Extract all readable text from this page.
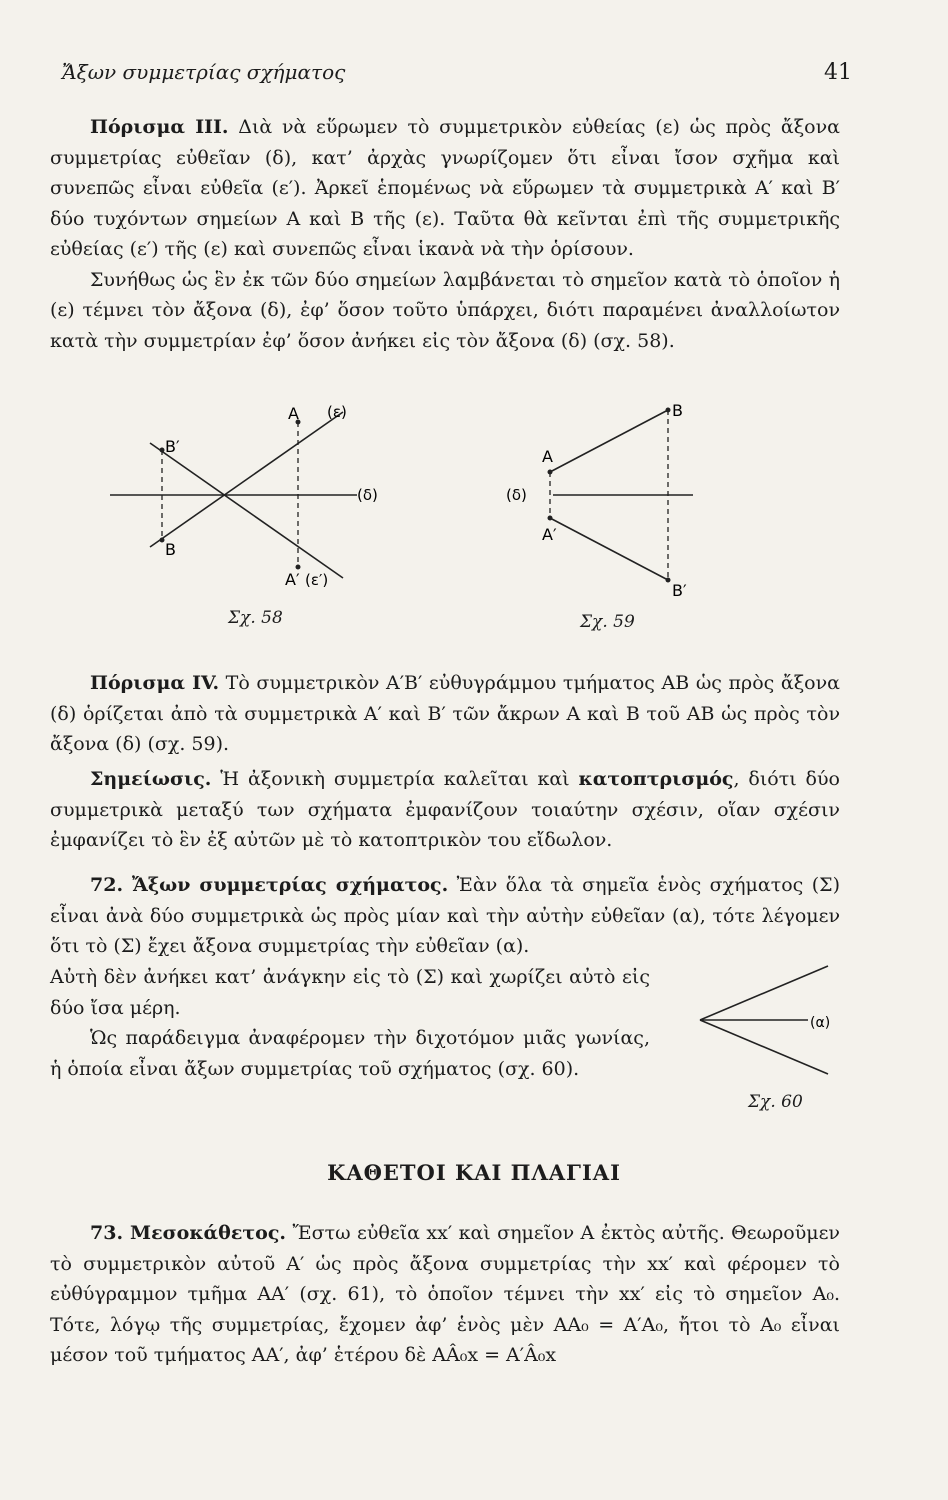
Ἄξων συμμετρίας σχήματος	41

Πόρισμα III. Διὰ νὰ εὕρωμεν τὸ συμμετρικὸν εὐθείας (ε) ὡς πρὸς ἄξονα συμμετρίας εὐθεῖαν (δ), κατ’ ἀρχὰς γνωρίζομεν ὅτι εἶναι ἴσον σχῆμα καὶ συνεπῶς εἶναι εὐθεῖα (ε′). Ἀρκεῖ ἑπομένως νὰ εὕρωμεν τὰ συμμετρικὰ Α′ καὶ Β′ δύο τυχόντων σημείων Α καὶ Β τῆς (ε). Ταῦτα θὰ κεῖνται ἐπὶ τῆς συμμετρικῆς εὐθείας (ε′) τῆς (ε) καὶ συνεπῶς εἶναι ἱκανὰ νὰ τὴν ὁρίσουν.

Συνήθως ὡς ἓν ἐκ τῶν δύο σημείων λαμβάνεται τὸ σημεῖον κατὰ τὸ ὁποῖον ἡ (ε) τέμνει τὸν ἄξονα (δ), ἐφ’ ὅσον τοῦτο ὑπάρχει, διότι παραμένει ἀναλλοίωτον κατὰ τὴν συμμετρίαν ἐφ’ ὅσον ἀνήκει εἰς τὸν ἄξονα (δ) (σχ. 58).

(ε)
Α
Β′
(δ)
Β
Α′ (ε′)
Σχ. 58
Β
Α
(δ)
Α′
Β′
Σχ. 59

Πόρισμα IV. Τὸ συμμετρικὸν Α′Β′ εὐθυγράμμου τμήματος ΑΒ ὡς πρὸς ἄξονα (δ) ὁρίζεται ἀπὸ τὰ συμμετρικὰ Α′ καὶ Β′ τῶν ἄκρων Α καὶ Β τοῦ ΑΒ ὡς πρὸς τὸν ἄξονα (δ) (σχ. 59).

Σημείωσις. Ἡ ἀξονικὴ συμμετρία καλεῖται καὶ κατοπτρισμός, διότι δύο συμμετρικὰ μεταξύ των σχήματα ἐμφανίζουν τοιαύτην σχέσιν, οἵαν σχέσιν ἐμφανίζει τὸ ἓν ἐξ αὐτῶν μὲ τὸ κατοπτρικὸν του εἴδωλον.

72. Ἄξων συμμετρίας σχήματος. Ἐὰν ὅλα τὰ σημεῖα ἑνὸς σχήματος (Σ) εἶναι ἀνὰ δύο συμμετρικὰ ὡς πρὸς μίαν καὶ τὴν αὐτὴν εὐθεῖαν (α), τότε λέγομεν ὅτι τὸ (Σ) ἔχει ἄξονα συμμετρίας τὴν εὐθεῖαν (α).

Αὐτὴ δὲν ἀνήκει κατ’ ἀνάγκην εἰς τὸ (Σ) καὶ χωρίζει αὐτὸ εἰς δύο ἴσα μέρη.

Ὡς παράδειγμα ἀναφέρομεν τὴν διχοτόμον μιᾶς γωνίας, ἡ ὁποία εἶναι ἄξων συμμετρίας τοῦ σχήματος (σχ. 60).

(α)
Σχ. 60
ΚΑΘΕΤΟΙ ΚΑΙ ΠΛΑΓΙΑΙ

73. Μεσοκάθετος. Ἔστω εὐθεῖα xx′ καὶ σημεῖον Α ἐκτὸς αὐτῆς. Θεωροῦμεν τὸ συμμετρικὸν αὐτοῦ Α′ ὡς πρὸς ἄξονα συμμετρίας τὴν xx′ καὶ φέρομεν τὸ εὐθύγραμμον τμῆμα ΑΑ′ (σχ. 61), τὸ ὁποῖον τέμνει τὴν xx′ εἰς τὸ σημεῖον Α₀. Τότε, λόγῳ τῆς συμμετρίας, ἔχομεν ἀφ’ ἑνὸς μὲν ΑΑ₀ = Α′Α₀, ἤτοι τὸ Α₀ εἶναι μέσον τοῦ τμήματος ΑΑ′, ἀφ’ ἑτέρου δὲ ΑÂ₀x = Α′Â₀x
